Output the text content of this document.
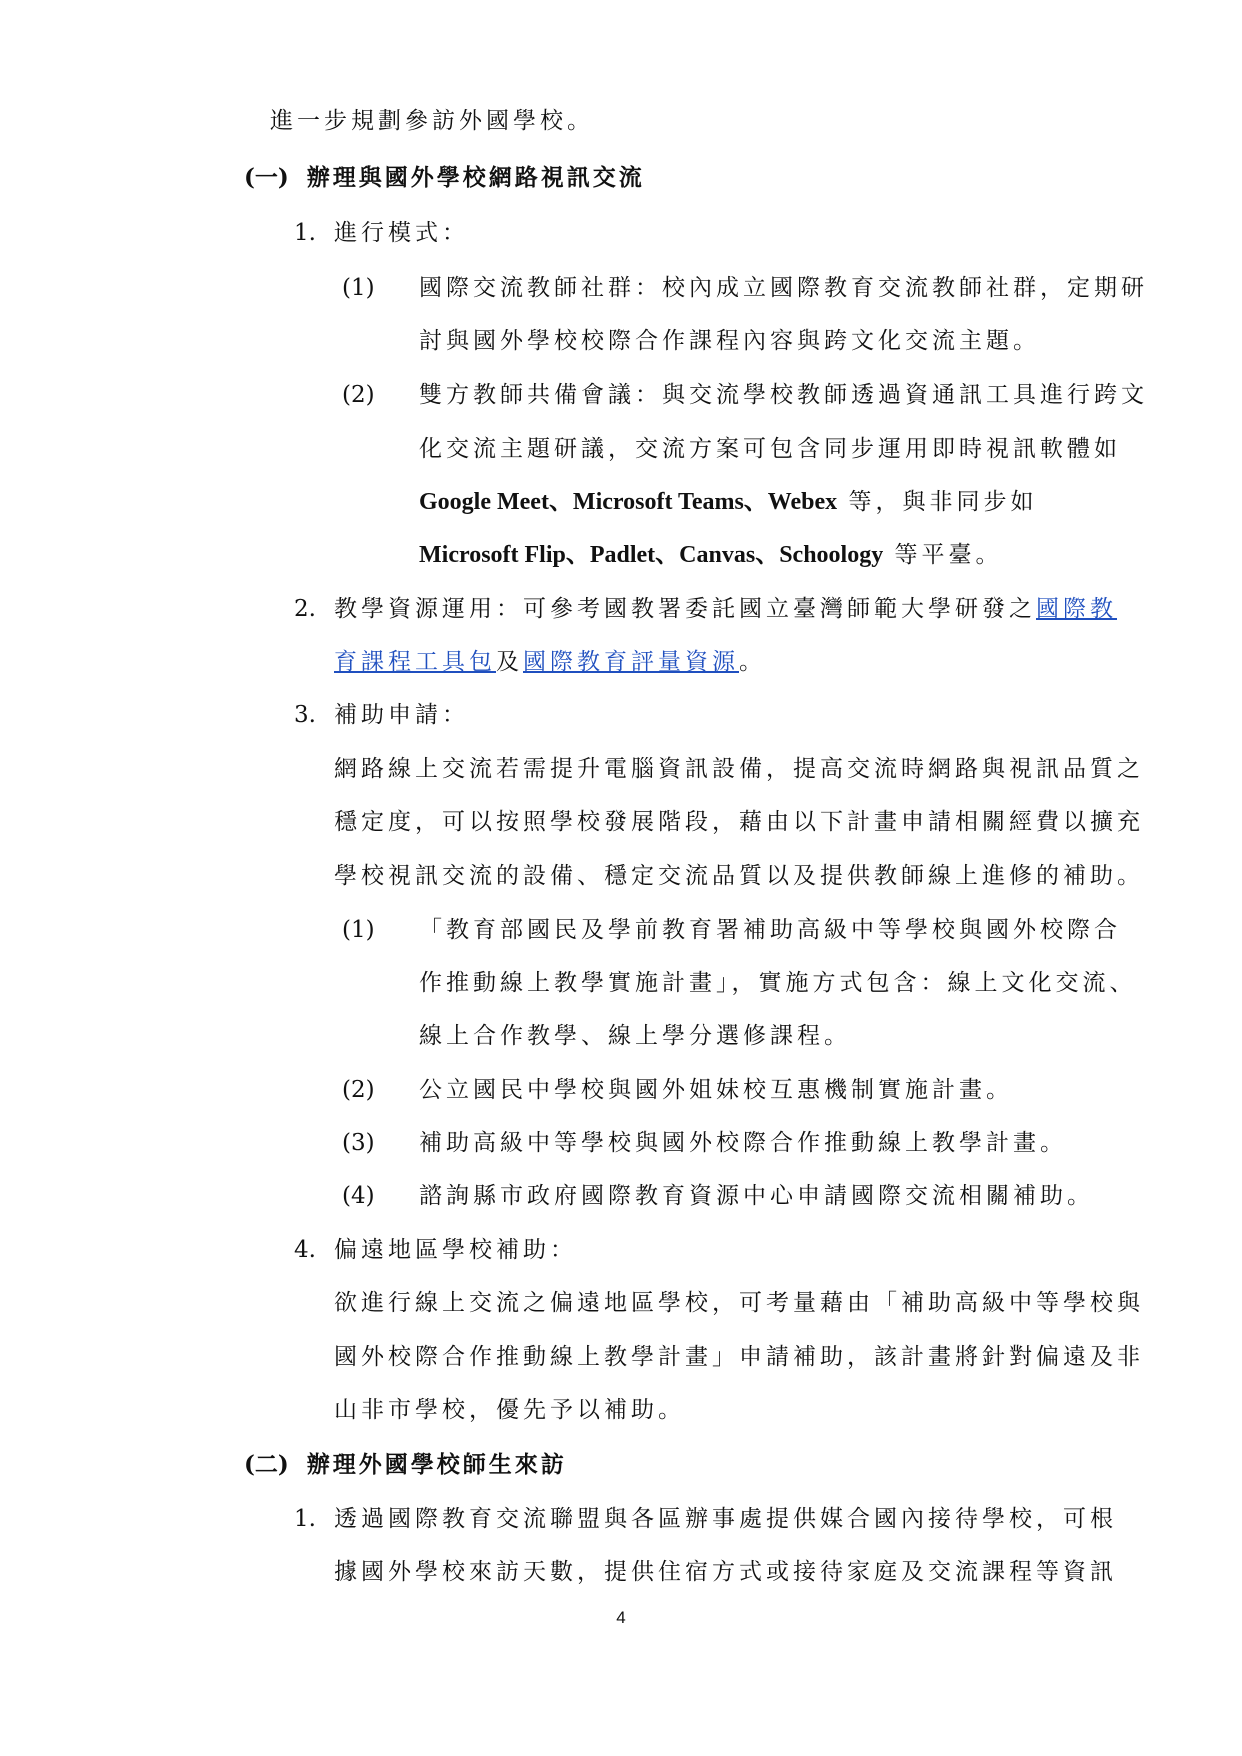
進一步規劃參訪外國學校。
(一) 辦理與國外學校網路視訊交流
1. 進行模式：
(1) 國際交流教師社群：校內成立國際教育交流教師社群，定期研
討與國外學校校際合作課程內容與跨文化交流主題。
(2) 雙方教師共備會議：與交流學校教師透過資通訊工具進行跨文
化交流主題研議，交流方案可包含同步運用即時視訊軟體如
Google Meet、Microsoft Teams、Webex 等，與非同步如
Microsoft Flip、Padlet、Canvas、Schoology 等平臺。
2. 教學資源運用：可參考國教署委託國立臺灣師範大學研發之國際教
育課程工具包及國際教育評量資源。
3. 補助申請：
網路線上交流若需提升電腦資訊設備，提高交流時網路與視訊品質之
穩定度，可以按照學校發展階段，藉由以下計畫申請相關經費以擴充
學校視訊交流的設備、穩定交流品質以及提供教師線上進修的補助。
(1) 「教育部國民及學前教育署補助高級中等學校與國外校際合
作推動線上教學實施計畫」，實施方式包含：線上文化交流、
線上合作教學、線上學分選修課程。
(2) 公立國民中學校與國外姐妹校互惠機制實施計畫。
(3) 補助高級中等學校與國外校際合作推動線上教學計畫。
(4) 諮詢縣市政府國際教育資源中心申請國際交流相關補助。
4. 偏遠地區學校補助：
欲進行線上交流之偏遠地區學校，可考量藉由「補助高級中等學校與
國外校際合作推動線上教學計畫」申請補助，該計畫將針對偏遠及非
山非市學校，優先予以補助。
(二) 辦理外國學校師生來訪
1. 透過國際教育交流聯盟與各區辦事處提供媒合國內接待學校，可根
據國外學校來訪天數，提供住宿方式或接待家庭及交流課程等資訊
4
